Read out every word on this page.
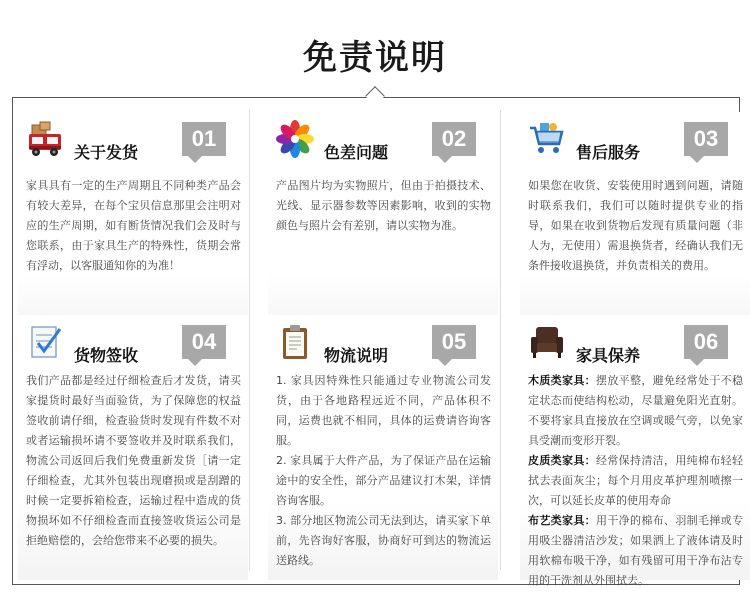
免责说明
关于发货
01

家具具有一定的生产周期且不同种类产品会有较大差异，在每个宝贝信息那里会注明对应的生产周期，如有断货情况我们会及时与您联系，由于家具生产的特殊性，货期会常有浮动，以客服通知你的为准！

色差问题
02

产品图片均为实物照片，但由于拍摄技术、光线、显示器参数等因素影响，收到的实物颜色与照片会有差别，请以实物为准。

售后服务
03

如果您在收货、安装使用时遇到问题，请随时联系我们，我们可以随时提供专业的指导，如果在收到货物后发现有质量问题（非人为，无使用）需退换货者，经确认我们无条件接收退换货，并负责相关的费用。

货物签收
04

我们产品都是经过仔细检查后才发货，请买家提货时最好当面验货，为了保障您的权益签收前请仔细，检查验货时发现有件数不对或者运输损坏请不要签收并及时联系我们，物流公司返回后我们免费重新发货［请一定仔细检查，尤其外包装出现磨损或是刮蹭的时候一定要拆箱检查，运输过程中造成的货物损坏如不仔细检查而直接签收货运公司是拒绝赔偿的，会给您带来不必要的损失。

物流说明
05

1. 家具因特殊性只能通过专业物流公司发货，由于各地路程远近不同，产品体积不同，运费也就不相同，具体的运费请咨询客服。

2. 家具属于大件产品，为了保证产品在运输途中的安全性，部分产品建议打木架，详情咨询客服。

3. 部分地区物流公司无法到达，请买家下单前，先咨询好客服，协商好可到达的物流运送路线。

家具保养
06

木质类家具：摆放平整，避免经常处于不稳定状态而使结构松动，尽量避免阳光直射。不要将家具直接放在空调或暖气旁，以免家具受潮而变形开裂。

皮质类家具：经常保持清洁，用纯棉布轻轻拭去表面灰尘；每个月用皮革护理剂喷擦一次，可以延长皮革的使用寿命

布艺类家具：用干净的棉布、羽制毛掸或专用吸尘器清洁沙发；如果洒上了液体请及时用软棉布吸干净，如有残留可用干净布沾专用的干洗剂从外围拭去。
